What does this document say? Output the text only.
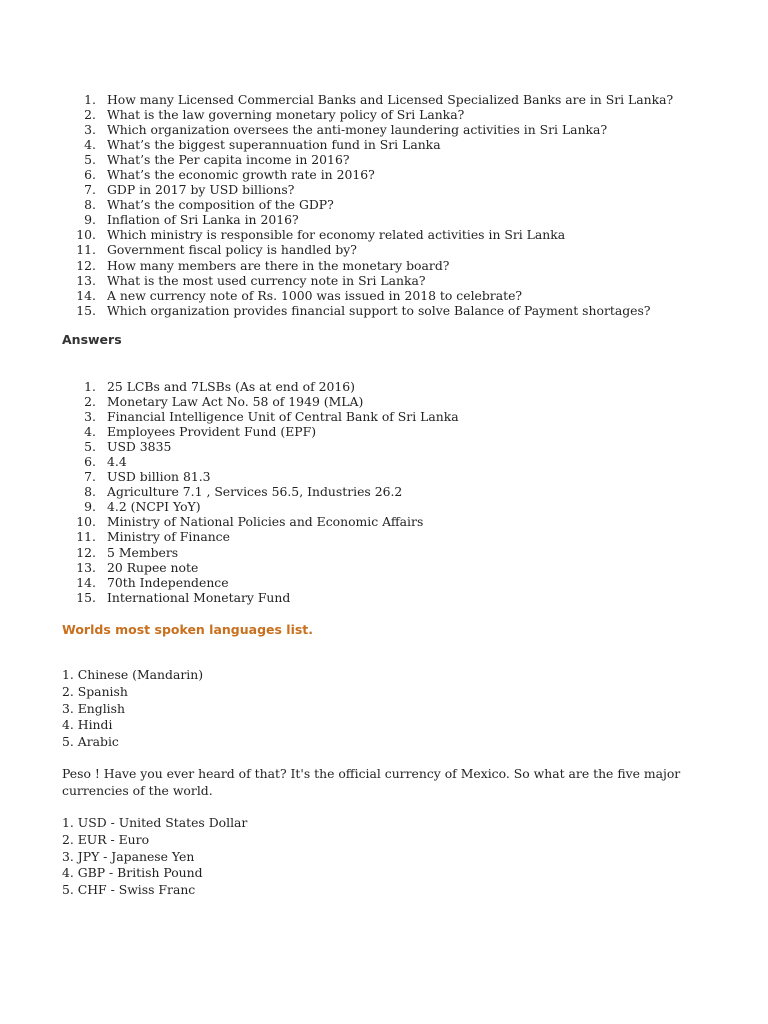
1. How many Licensed Commercial Banks and Licensed Specialized Banks are in Sri Lanka?
2. What is the law governing monetary policy of Sri Lanka?
3. Which organization oversees the anti-money laundering activities in Sri Lanka?
4. What’s the biggest superannuation fund in Sri Lanka
5. What’s the Per capita income in 2016?
6. What’s the economic growth rate in 2016?
7. GDP in 2017 by USD billions?
8. What’s the composition of the GDP?
9. Inflation of Sri Lanka in 2016?
10. Which ministry is responsible for economy related activities in Sri Lanka
11. Government fiscal policy is handled by?
12. How many members are there in the monetary board?
13. What is the most used currency note in Sri Lanka?
14. A new currency note of Rs. 1000 was issued in 2018 to celebrate?
15. Which organization provides financial support to solve Balance of Payment shortages?
Answers
1. 25 LCBs and 7LSBs (As at end of 2016)
2. Monetary Law Act No. 58 of 1949 (MLA)
3. Financial Intelligence Unit of Central Bank of Sri Lanka
4. Employees Provident Fund (EPF)
5. USD 3835
6. 4.4
7. USD billion 81.3
8. Agriculture 7.1 , Services 56.5, Industries 26.2
9. 4.2 (NCPI YoY)
10. Ministry of National Policies and Economic Affairs
11. Ministry of Finance
12. 5 Members
13. 20 Rupee note
14. 70th Independence
15. International Monetary Fund
Worlds most spoken languages list.
1. Chinese (Mandarin)
2. Spanish
3. English
4. Hindi
5. Arabic

Peso ! Have you ever heard of that? It's the official currency of Mexico. So what are the five major currencies of the world.

1. USD - United States Dollar
2. EUR - Euro
3. JPY - Japanese Yen
4. GBP - British Pound
5. CHF - Swiss Franc
